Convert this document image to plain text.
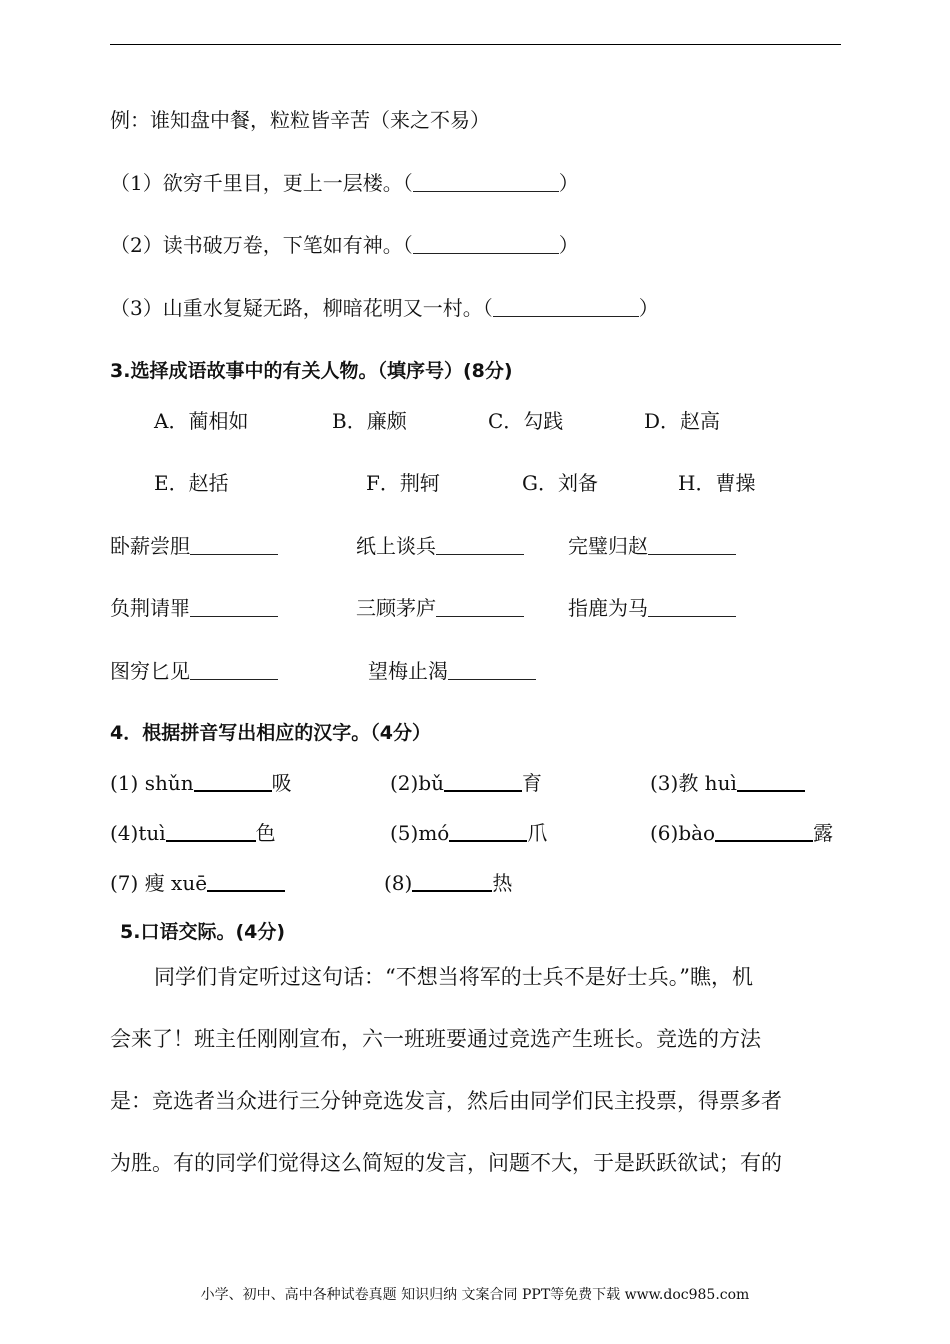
例：谁知盘中餐，粒粒皆辛苦（来之不易）
（1）欲穷千里目，更上一层楼。（	）
（2）读书破万卷，下笔如有神。（	）
（3）山重水复疑无路，柳暗花明又一村。（	）
3.选择成语故事中的有关人物。（填序号）(8分)
A．蔺相如	B．廉颇	C．勾践	D．赵高
E．赵括	F．荆轲	G．刘备	H．曹操
卧薪尝胆	纸上谈兵	完璧归赵
负荆请罪	三顾茅庐	指鹿为马
图穷匕见	望梅止渴
4．根据拼音写出相应的汉字。（4分）
(1) shǔn	吸	(2)bǔ	育	(3)教 huì
(4)tuì	色	(5)mó	爪	(6)bào	露
(7) 瘦 xuē	(8)	热
5.口语交际。(4分)
同学们肯定听过这句话：“不想当将军的士兵不是好士兵。”瞧，机
会来了！班主任刚刚宣布，六一班班要通过竞选产生班长。竞选的方法
是：竞选者当众进行三分钟竞选发言，然后由同学们民主投票，得票多者
为胜。有的同学们觉得这么简短的发言，问题不大，于是跃跃欲试；有的
小学、初中、高中各种试卷真题 知识归纳 文案合同 PPT等免费下载 www.doc985.com
